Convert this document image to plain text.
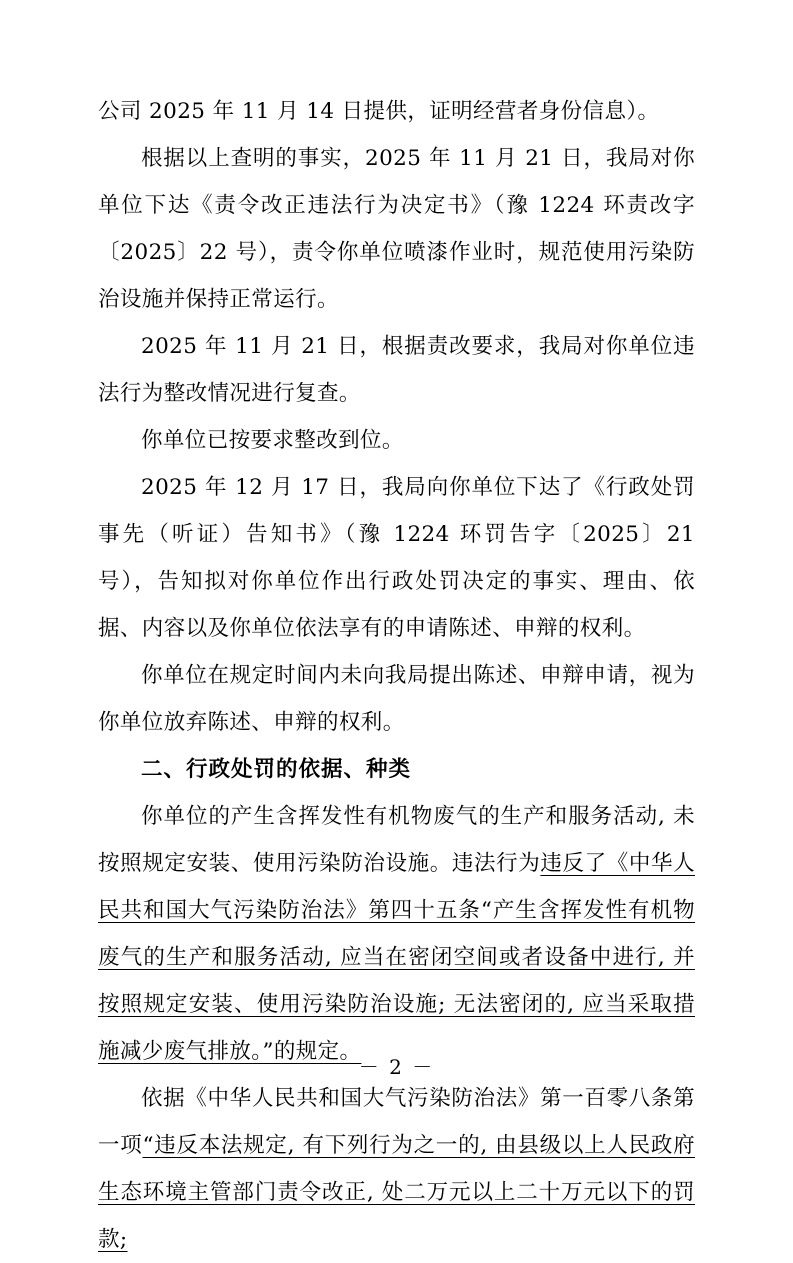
公司 2025 年 11 月 14 日提供，证明经营者身份信息）。

根据以上查明的事实，2025 年 11 月 21 日，我局对你单位下达《责令改正违法行为决定书》（豫 1224 环责改字〔2025〕22 号），责令你单位喷漆作业时，规范使用污染防治设施并保持正常运行。

2025 年 11 月 21 日，根据责改要求，我局对你单位违法行为整改情况进行复查。

你单位已按要求整改到位。

2025 年 12 月 17 日，我局向你单位下达了《行政处罚事先（听证）告知书》（豫 1224 环罚告字〔2025〕21 号），告知拟对你单位作出行政处罚决定的事实、理由、依据、内容以及你单位依法享有的申请陈述、申辩的权利。

你单位在规定时间内未向我局提出陈述、申辩申请，视为你单位放弃陈述、申辩的权利。

二、行政处罚的依据、种类

你单位的产生含挥发性有机物废气的生产和服务活动, 未按照规定安装、使用污染防治设施。违法行为违反了《中华人民共和国大气污染防治法》第四十五条“产生含挥发性有机物废气的生产和服务活动, 应当在密闭空间或者设备中进行, 并按照规定安装、使用污染防治设施; 无法密闭的, 应当采取措施减少废气排放。”的规定。

依据《中华人民共和国大气污染防治法》第一百零八条第一项“违反本法规定, 有下列行为之一的, 由县级以上人民政府生态环境主管部门责令改正, 处二万元以上二十万元以下的罚款;

－ 2 －
